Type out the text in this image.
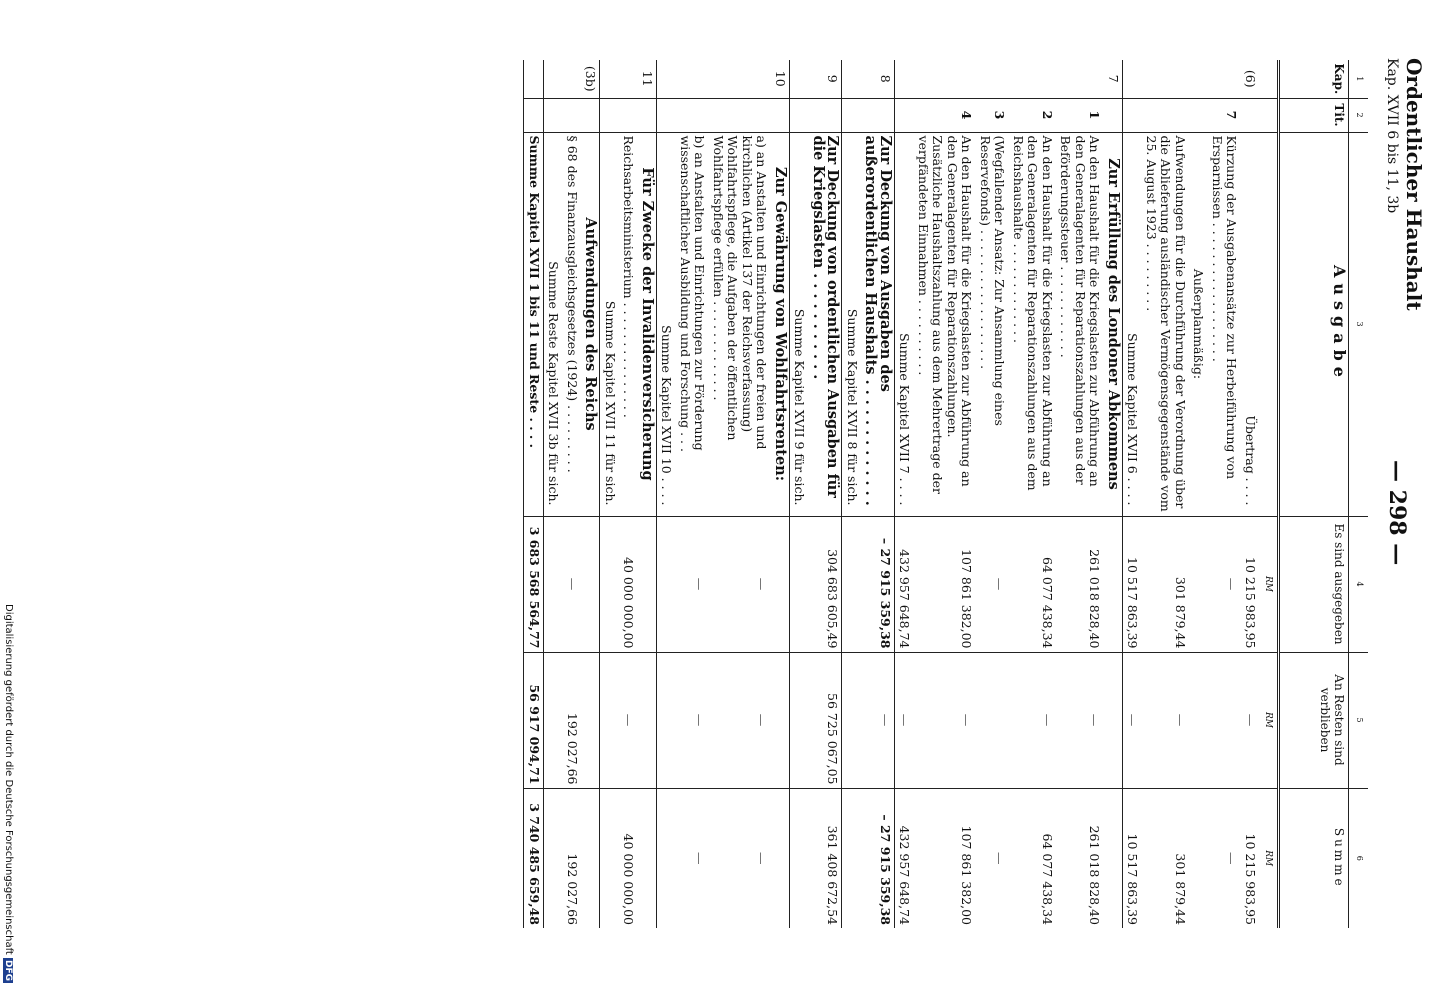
Ordentlicher Haushalt
Kap. XVII 6 bis 11, 3b
— 298 —
1	2	3	4	5	6
Kap.	Tit.	Ausgabe	Es sind ausgegeben	An Resten sind verblieben	Summe
			RM	RM	RM
(6)		Übertrag . . . .	10 215 983,95	—	10 215 983,95
	7	Kürzung der Ausgabenansätze zur Herbeiführung von Ersparnissen . . . . . . . . . . . . . . . . . .	—		—
		Außerplanmäßig:			
		Aufwendungen für die Durchführung der Verordnung über die Ablieferung ausländischer Vermögensgegenstände vom 25. August 1923 . . . . . . . . .	301 879,44	—	301 879,44
		Summe Kapitel XVII 6 . . . .	10 517 863,39	—	10 517 863,39
7		Zur Erfüllung des Londoner Abkommens			
	1	An den Haushalt für die Kriegslasten zur Abführung an den Generalagenten für Reparationszahlungen aus der Beförderungssteuer . . . . . . . . . . . .	261 018 828,40	—	261 018 828,40
	2	An den Haushalt für die Kriegslasten zur Abführung an den Generalagenten für Reparationszahlungen aus dem Reichshaushalte . . . . . . . . . . . . .	64 077 438,34	—	64 077 438,34
	3	(Wegfallender Ansatz: Zur Ansammlung eines Reservefonds) . . . . . . . . . . . . . . . . . .	—		—
	4	An den Haushalt für die Kriegslasten zur Abführung an den Generalagenten für Reparationszahlungen. Zusätzliche Haushaltszahlung aus dem Mehrertrage der verpfändeten Einnahmen . . . . . . . . . .	107 861 382,00	—	107 861 382,00
		Summe Kapitel XVII 7 . . . .	432 957 648,74	—	432 957 648,74
8		Zur Deckung von Ausgaben des außerordentlichen Haushalts . . . . . . . . . . . . .	– 27 915 359,38	—	– 27 915 359,38
		Summe Kapitel XVII 8 für sich.			
9		Zur Deckung von ordentlichen Ausgaben für die Kriegslasten . . . . . . . . . . .	304 683 605,49	56 725 067,05	361 408 672,54
		Summe Kapitel XVII 9 für sich.			
10		Zur Gewährung von Wohlfahrtsrenten:			
		a) an Anstalten und Einrichtungen der freien und kirchlichen (Artikel 137 der Reichsverfassung) Wohlfahrtspflege, die Aufgaben der öffentlichen Wohlfahrtspflege erfüllen . . . . . . . . . . . . .	—	—	—
		b) an Anstalten und Einrichtungen zur Förderung wissenschaftlicher Ausbildung und Forschung . . .	—	—	—
		Summe Kapitel XVII 10 . . . .			
11		Für Zwecke der Invalidenversicherung			
		Reichsarbeitsministerium . . . . . . . . . . . . . . .	40 000 000,00	—	40 000 000,00
		Summe Kapitel XVII 11 für sich.			
(3b)		Aufwendungen des Reichs			
		§ 68 des Finanzausgleichsgesetzes (1924) . . . . . . . . .	—	192 027,66	192 027,66
		Summe Reste Kapitel XVII 3b für sich.			
		Summe Kapitel XVII 1 bis 11 und Reste . . . .	3 683 568 564,77	56 917 094,71	3 740 485 659,48
Digitalisierung gefördert durch die Deutsche Forschungsgemeinschaft DFG
